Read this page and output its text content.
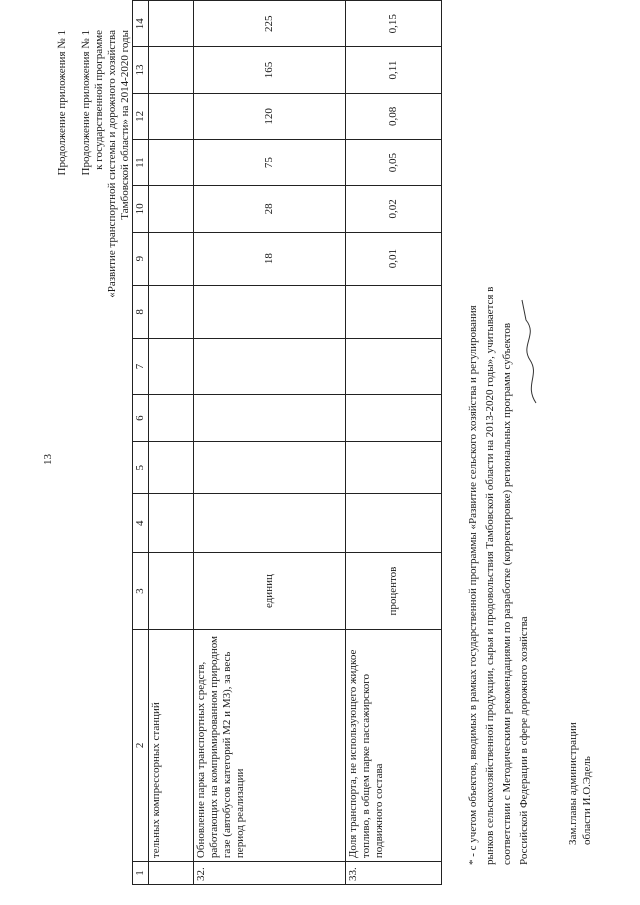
13
Продолжение приложения № 1 Продолжение приложения № 1 к государственной программе «Развитие транспортной системы и дорожного хозяйства Тамбовской области» на 2014-2020 годы
1	2	3	4	5	6	7	8	9	10	11	12	13	14
	тельных компрессорных станций												
32.	Обновление парка транспортных средств, работающих на компримированном природном газе (автобусов категорий M2 и M3), за весь период реализации	единиц						18	28	75	120	165	225
33.	Доля транспорта, не использующего жидкое топливо, в общем парке пассажирского подвижного состава	процентов						0,01	0,02	0,05	0,08	0,11	0,15
* - с учетом объектов, вводимых в рамках государственной программы «Развитие сельского хозяйства и регулирования рынков сельскохозяйственной продукции, сырья и продовольствия Тамбовской области на 2013-2020 годы», учитывается в соответствии с Методическими рекомендациями по разработке (корректировке) региональных программ субъектов Российской Федерации в сфере дорожного хозяйства	Зам.главы администрации области И.О.Эдель
